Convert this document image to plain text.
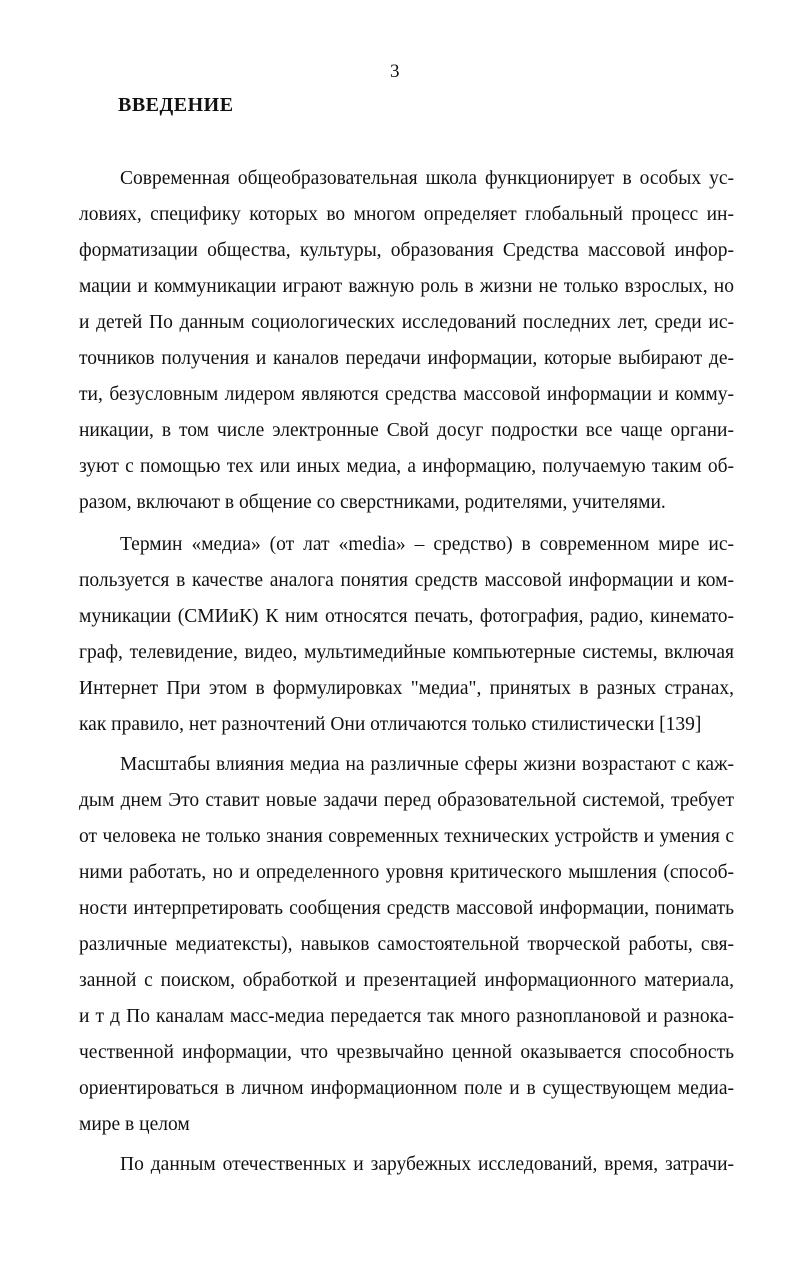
3
ВВЕДЕНИЕ
Современная общеобразовательная школа функционирует в особых ус-
ловиях, специфику которых во многом определяет глобальный процесс ин-
форматизации общества, культуры, образования Средства массовой инфор-
мации и коммуникации играют важную роль в жизни не только взрослых, но
и детей По данным социологических исследований последних лет, среди ис-
точников получения и каналов передачи информации, которые выбирают де-
ти, безусловным лидером являются средства массовой информации и комму-
никации, в том числе электронные Свой досуг подростки все чаще органи-
зуют с помощью тех или иных медиа, а информацию, получаемую таким об-
разом, включают в общение со сверстниками, родителями, учителями.
Термин «медиа» (от лат «media» – средство) в современном мире ис-
пользуется в качестве аналога понятия средств массовой информации и ком-
муникации (СМИиК) К ним относятся печать, фотография, радио, кинемато-
граф, телевидение, видео, мультимедийные компьютерные системы, включая
Интернет При этом в формулировках "медиа", принятых в разных странах,
как правило, нет разночтений Они отличаются только стилистически [139]
Масштабы влияния медиа на различные сферы жизни возрастают с каж-
дым днем Это ставит новые задачи перед образовательной системой, требует
от человека не только знания современных технических устройств и умения с
ними работать, но и определенного уровня критического мышления (способ-
ности интерпретировать сообщения средств массовой информации, понимать
различные медиатексты), навыков самостоятельной творческой работы, свя-
занной с поиском, обработкой и презентацией информационного материала,
и т д По каналам масс-медиа передается так много разноплановой и разнока-
чественной информации, что чрезвычайно ценной оказывается способность
ориентироваться в личном информационном поле и в существующем медиа-
мире в целом
По данным отечественных и зарубежных исследований, время, затрачи-
